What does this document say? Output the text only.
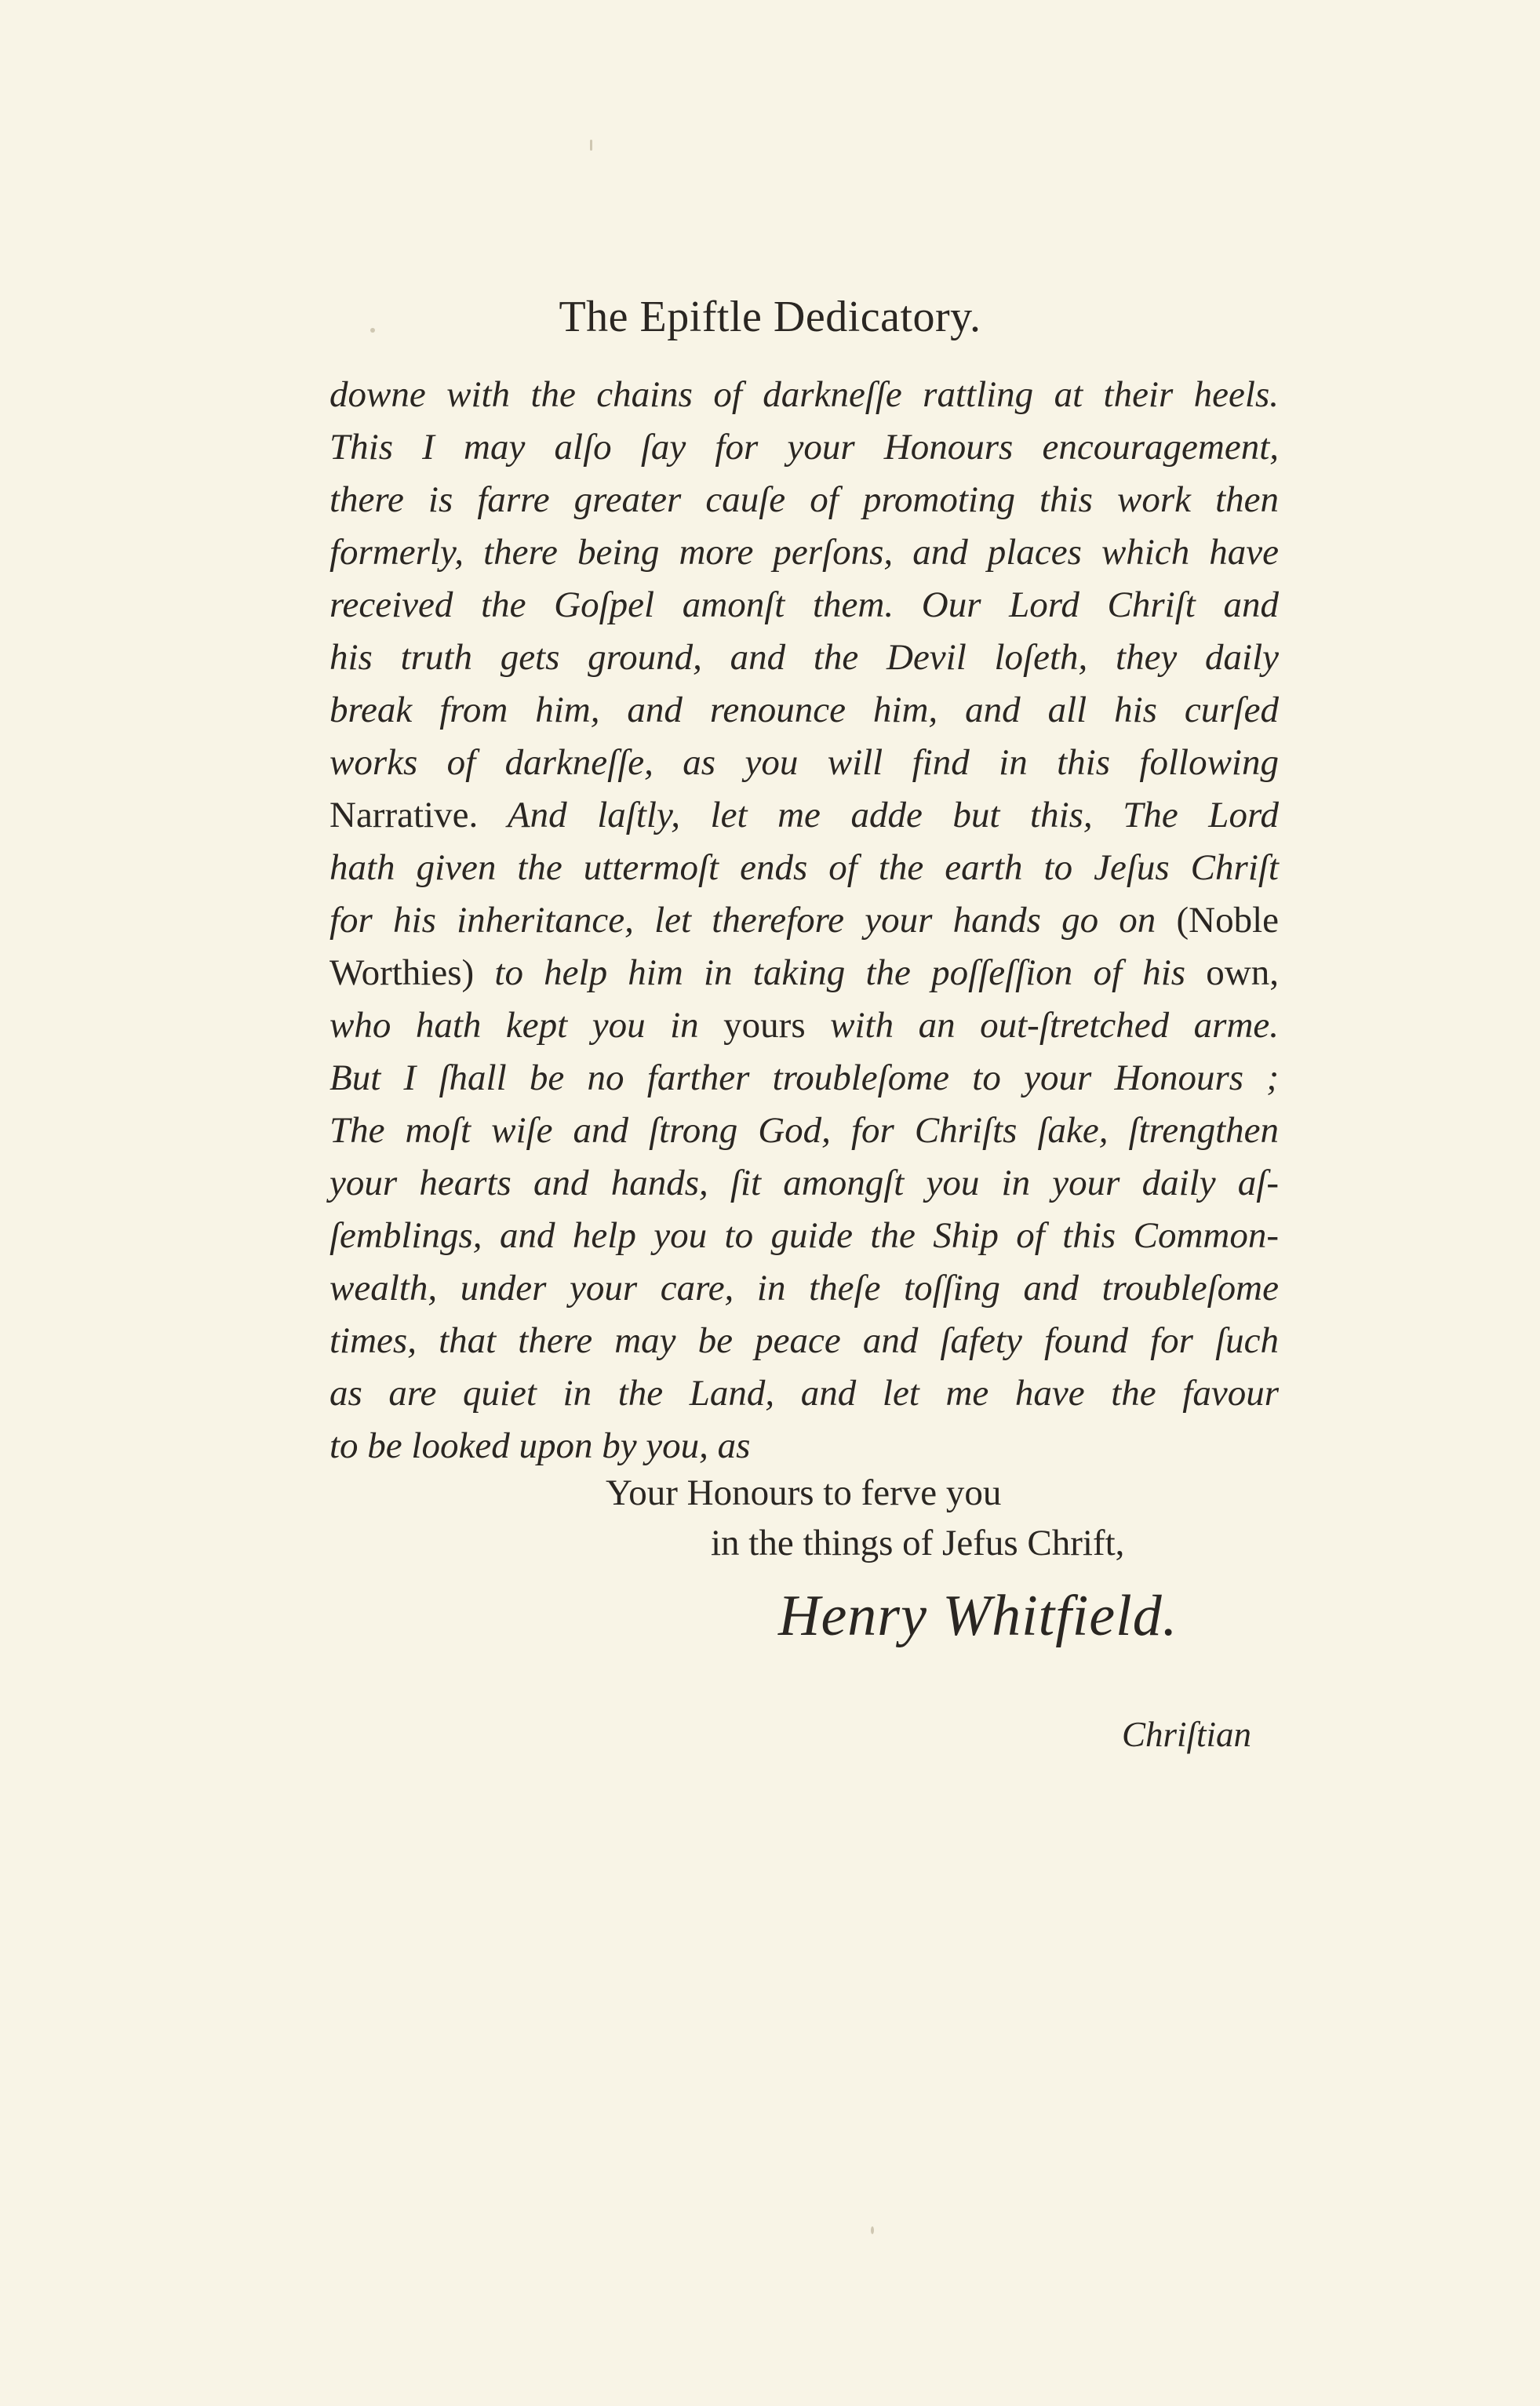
The Epiftle Dedicatory.
downe with the chains of darkneſſe rattling at their heels.
This I may alſo ſay for your Honours encouragement,
there is farre greater cauſe of promoting this work then
formerly, there being more perſons, and places which have
received the Goſpel amonſt them. Our Lord Chriſt and
his truth gets ground, and the Devil loſeth, they daily
break from him, and renounce him, and all his curſed
works of darkneſſe, as you will find in this following
Narrative. And laſtly, let me adde but this, The Lord
hath given the uttermoſt ends of the earth to Jeſus Chriſt
for his inheritance, let therefore your hands go on (Noble
Worthies) to help him in taking the poſſeſſion of his own,
who hath kept you in yours with an out-ſtretched arme.
But I ſhall be no farther troubleſome to your Honours ;
The moſt wiſe and ſtrong God, for Chriſts ſake, ſtrengthen
your hearts and hands, ſit amongſt you in your daily aſ-
ſemblings, and help you to guide the Ship of this Common-
wealth, under your care, in theſe toſſing and troubleſome
times, that there may be peace and ſafety found for ſuch
as are quiet in the Land, and let me have the favour
to be looked upon by you, as
Your Honours to ferve you
in the things of Jefus Chrift,
Henry Whitfield.
Chriſtian
